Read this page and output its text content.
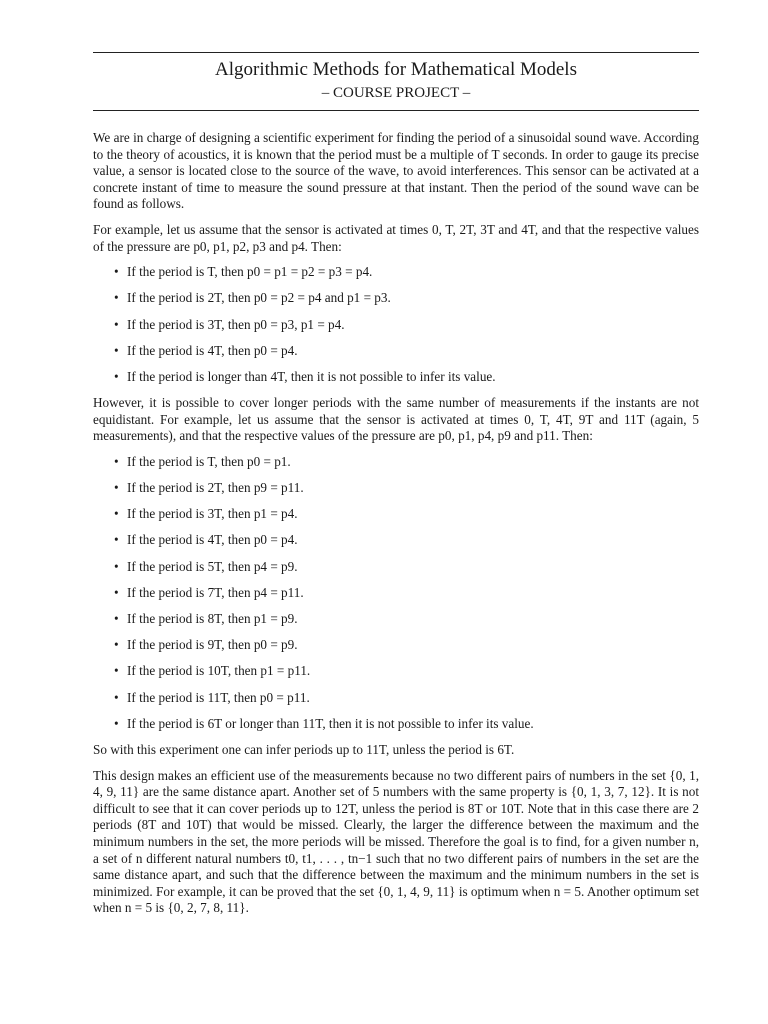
Algorithmic Methods for Mathematical Models
– COURSE PROJECT –

We are in charge of designing a scientific experiment for finding the period of a sinusoidal sound wave. According to the theory of acoustics, it is known that the period must be a multiple of T seconds. In order to gauge its precise value, a sensor is located close to the source of the wave, to avoid interferences. This sensor can be activated at a concrete instant of time to measure the sound pressure at that instant. Then the period of the sound wave can be found as follows.

For example, let us assume that the sensor is activated at times 0, T, 2T, 3T and 4T, and that the respective values of the pressure are p0, p1, p2, p3 and p4. Then:

• If the period is T, then p0 = p1 = p2 = p3 = p4.
• If the period is 2T, then p0 = p2 = p4 and p1 = p3.
• If the period is 3T, then p0 = p3, p1 = p4.
• If the period is 4T, then p0 = p4.
• If the period is longer than 4T, then it is not possible to infer its value.

However, it is possible to cover longer periods with the same number of measurements if the instants are not equidistant. For example, let us assume that the sensor is activated at times 0, T, 4T, 9T and 11T (again, 5 measurements), and that the respective values of the pressure are p0, p1, p4, p9 and p11. Then:

• If the period is T, then p0 = p1.
• If the period is 2T, then p9 = p11.
• If the period is 3T, then p1 = p4.
• If the period is 4T, then p0 = p4.
• If the period is 5T, then p4 = p9.
• If the period is 7T, then p4 = p11.
• If the period is 8T, then p1 = p9.
• If the period is 9T, then p0 = p9.
• If the period is 10T, then p1 = p11.
• If the period is 11T, then p0 = p11.
• If the period is 6T or longer than 11T, then it is not possible to infer its value.

So with this experiment one can infer periods up to 11T, unless the period is 6T.

This design makes an efficient use of the measurements because no two different pairs of numbers in the set {0, 1, 4, 9, 11} are the same distance apart. Another set of 5 numbers with the same property is {0, 1, 3, 7, 12}. It is not difficult to see that it can cover periods up to 12T, unless the period is 8T or 10T. Note that in this case there are 2 periods (8T and 10T) that would be missed. Clearly, the larger the difference between the maximum and the minimum numbers in the set, the more periods will be missed. Therefore the goal is to find, for a given number n, a set of n different natural numbers t0, t1, . . . , tn−1 such that no two different pairs of numbers in the set are the same distance apart, and such that the difference between the maximum and the minimum numbers in the set is minimized. For example, it can be proved that the set {0, 1, 4, 9, 11} is optimum when n = 5. Another optimum set when n = 5 is {0, 2, 7, 8, 11}.
